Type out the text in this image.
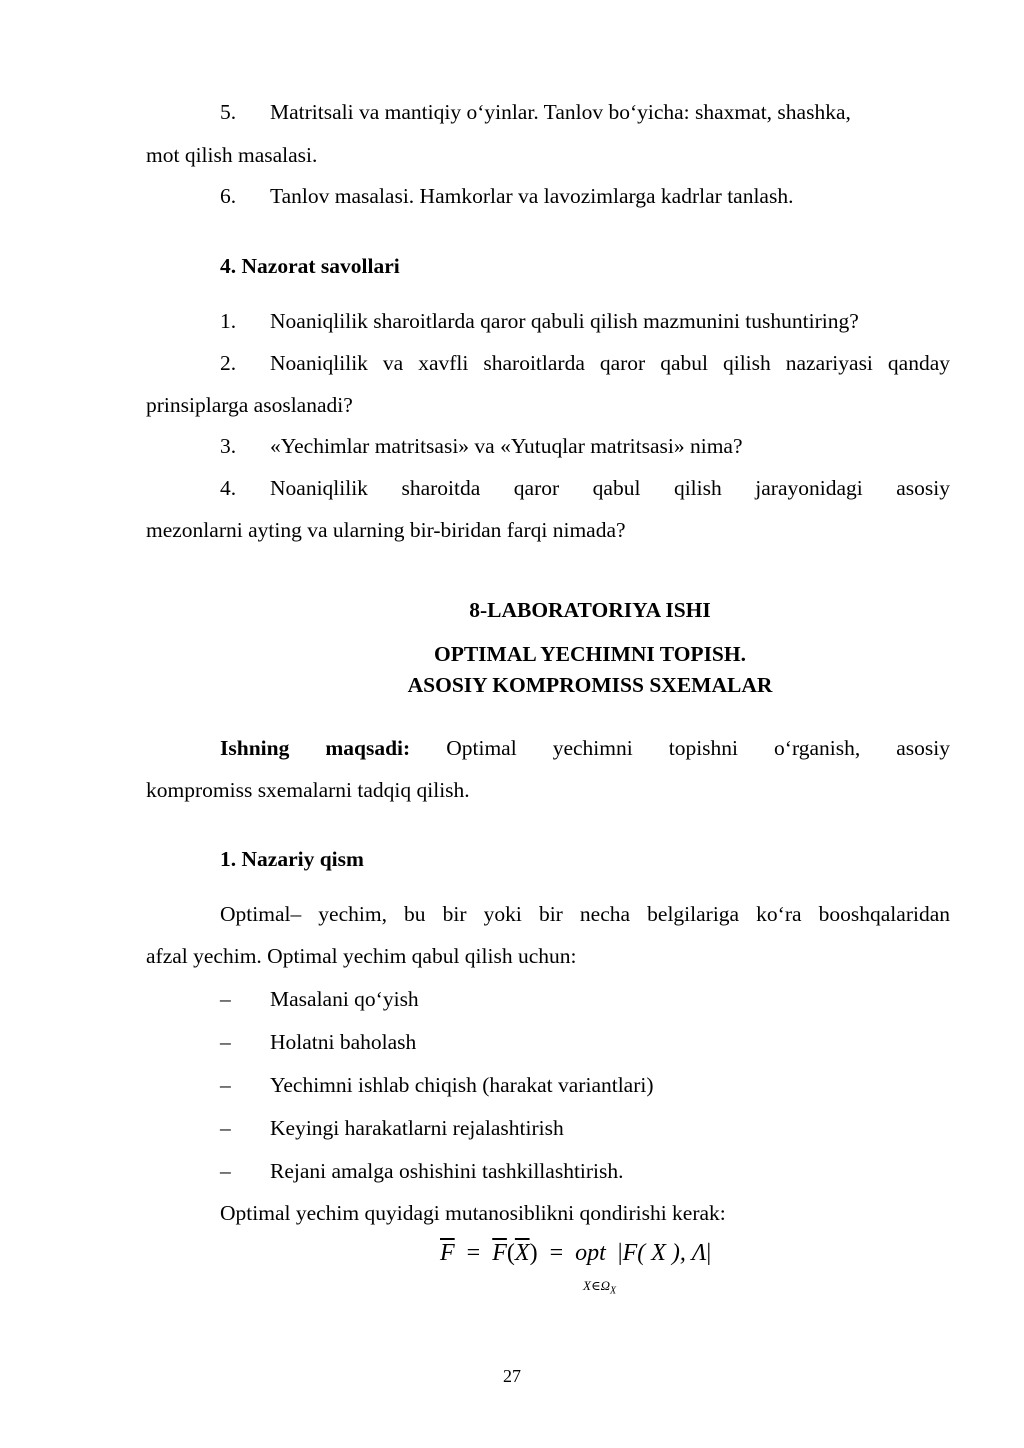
5. Matritsali va mantiqiy o‘yinlar. Tanlov bo‘yicha: shaxmat, shashka,
mot qilish masalasi.
6. Tanlov masalasi. Hamkorlar va lavozimlarga kadrlar tanlash.
4. Nazorat savollari
1. Noaniqlilik sharoitlarda qaror qabuli qilish mazmunini tushuntiring?
2. Noaniqlilik va xavfli sharoitlarda qaror qabul qilish nazariyasi qanday
prinsiplarga asoslanadi?
3. «Yechimlar matritsasi» va «Yutuqlar matritsasi» nima?
4. Noaniqlilik sharoitda qaror qabul qilish jarayonidagi asosiy
mezonlarni ayting va ularning bir-biridan farqi nimada?
8-LABORATORIYA ISHI
OPTIMAL YECHIMNI TOPISH.
ASOSIY KOMPROMISS SXEMALAR
Ishning maqsadi: Optimal yechimni topishni o‘rganish, asosiy
kompromiss sxemalarni tadqiq qilish.
1. Nazariy qism
Optimal– yechim, bu bir yoki bir necha belgilariga ko‘ra booshqalaridan
afzal yechim. Optimal yechim qabul qilish uchun:
– Masalani qo‘yish
– Holatni baholash
– Yechimni ishlab chiqish (harakat variantlari)
– Keyingi harakatlarni rejalashtirish
– Rejani amalga oshishini tashkillashtirish.
Optimal yechim quyidagi mutanosiblikni qondirishi kerak:
$\overline{F} = \overline{F}(\overline{X})$ = opt |F( X ), Λ|
$X\in\Omega_X$
27
